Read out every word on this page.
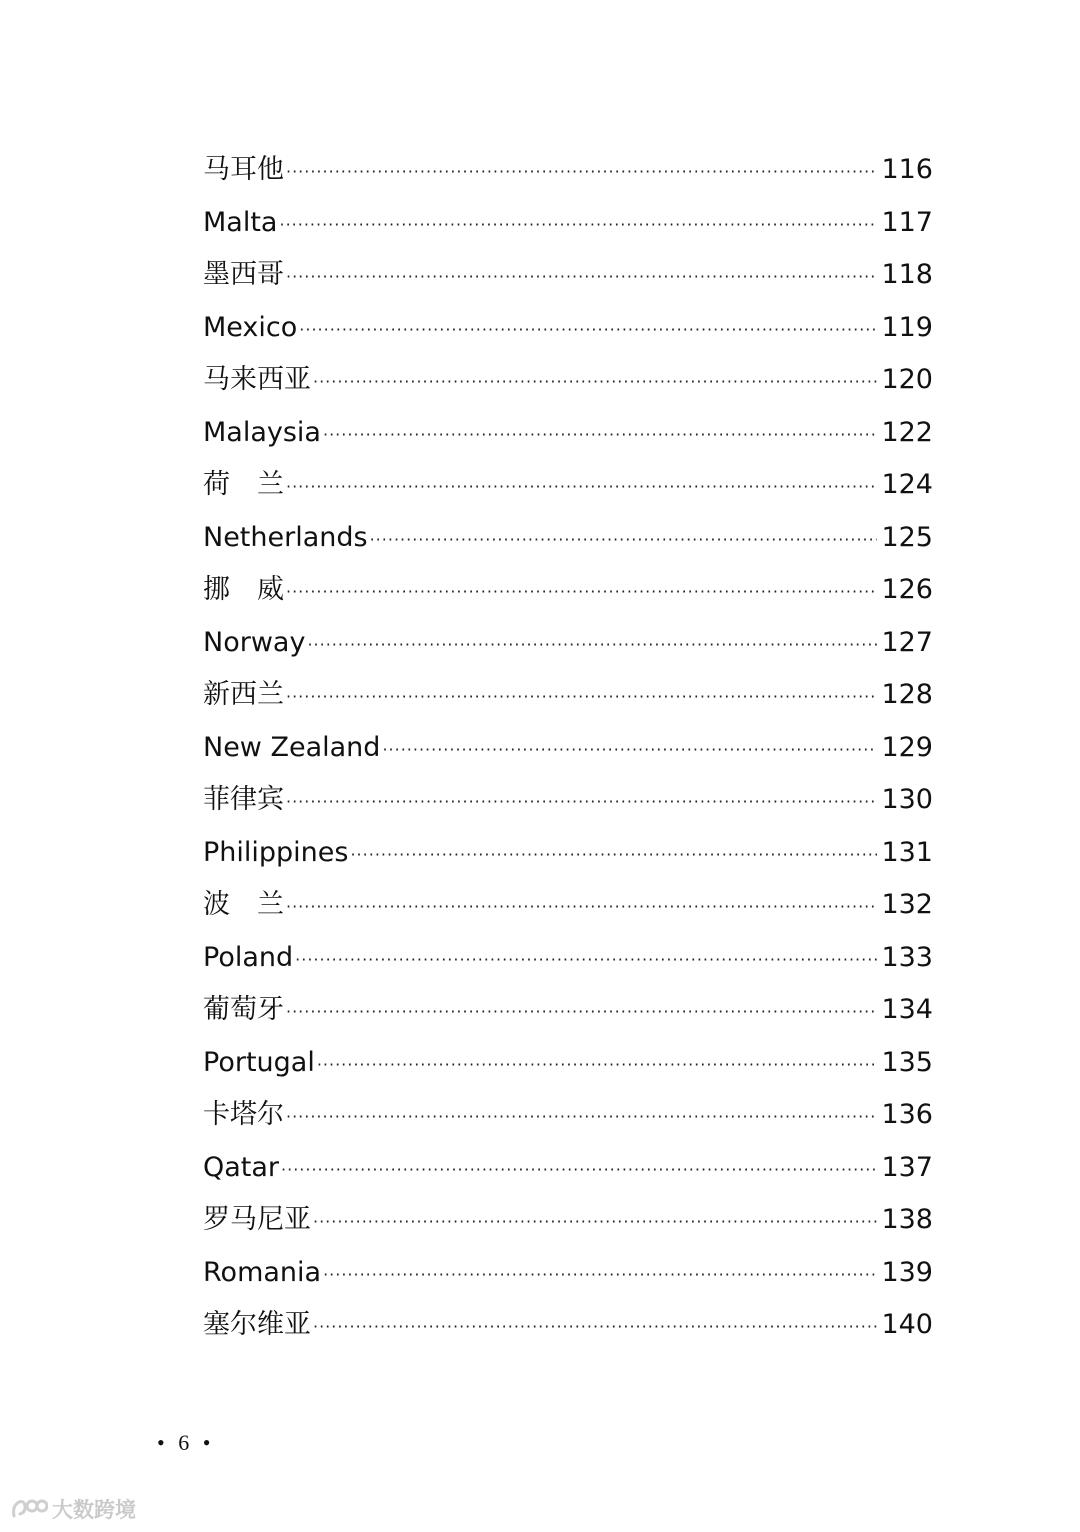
马耳他 ·····	116
Malta ·····	117
墨西哥 ·····	118
Mexico ·····	119
马来西亚 ·····	120
Malaysia ·····	122
荷　兰 ·····	124
Netherlands ·····	125
挪　威 ·····	126
Norway ·····	127
新西兰 ·····	128
New Zealand ·····	129
菲律宾 ·····	130
Philippines ·····	131
波　兰 ·····	132
Poland ·····	133
葡萄牙 ·····	134
Portugal ·····	135
卡塔尔 ·····	136
Qatar ·····	137
罗马尼亚 ·····	138
Romania ·····	139
塞尔维亚 ·····	140
• 6 •
大数跨境
